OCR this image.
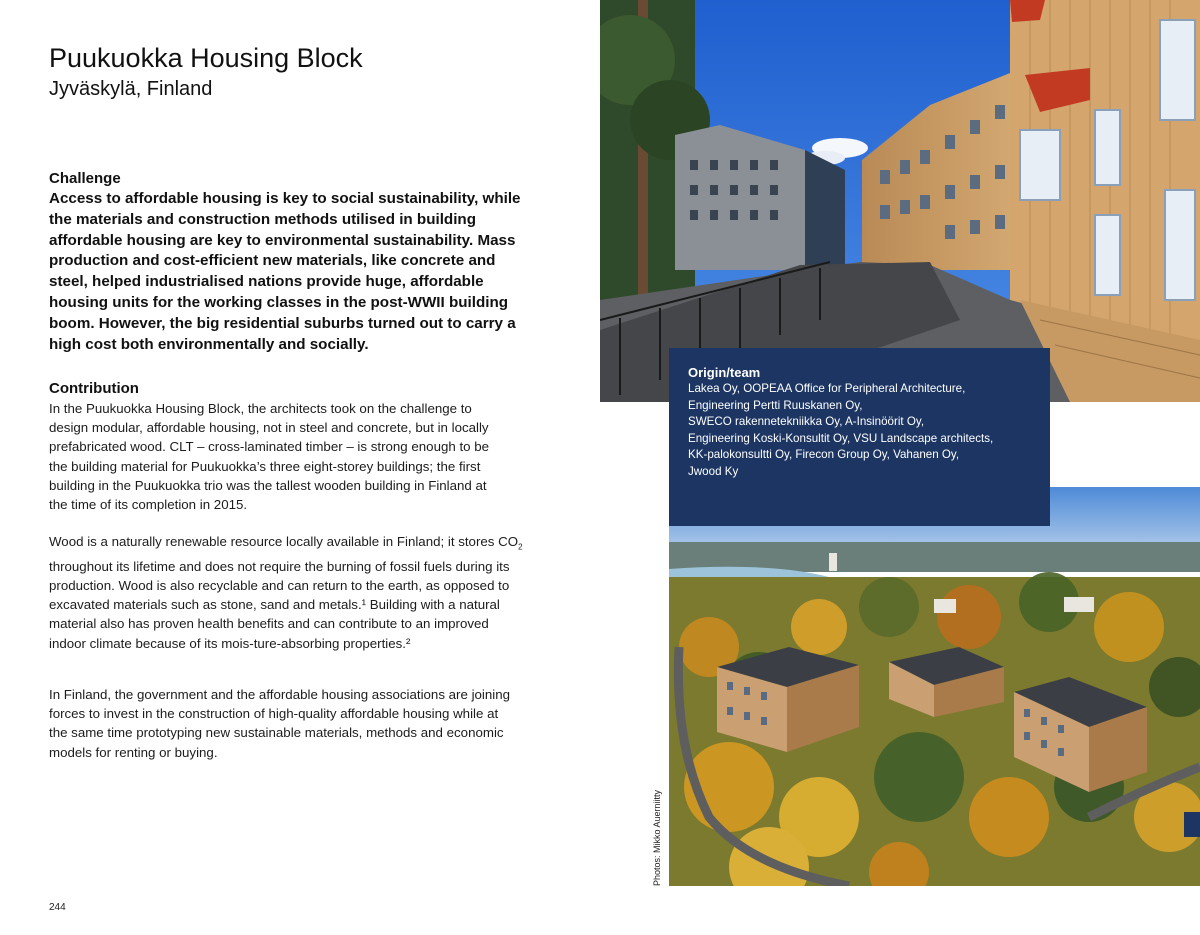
Puukuokka Housing Block
Jyväskylä, Finland
Challenge

Access to affordable housing is key to social sustainability, while the materials and construction methods utilised in building affordable housing are key to environmental sustainability. Mass production and cost-efficient new materials, like concrete and steel, helped industrialised nations provide huge, affordable housing units for the working classes in the post-WWII building boom. However, the big residential suburbs turned out to carry a high cost both environmentally and socially.

Contribution

In the Puukuokka Housing Block, the architects took on the challenge to design modular, affordable housing, not in steel and concrete, but in locally prefabricated wood. CLT – cross-laminated timber – is strong enough to be the building material for Puukuokka’s three eight-storey buildings; the first building in the Puukuokka trio was the tallest wooden building in Finland at the time of its completion in 2015.

Wood is a naturally renewable resource locally available in Finland; it stores $CO_2$ throughout its lifetime and does not require the burning of fossil fuels during its production. Wood is also recyclable and can return to the earth, as opposed to excavated materials such as stone, sand and metals.¹ Building with a natural material also has proven health benefits and can contribute to an improved indoor climate because of its mois-ture-absorbing properties.²

In Finland, the government and the affordable housing associations are joining forces to invest in the construction of high-quality affordable housing while at the same time prototyping new sustainable materials, methods and economic models for renting or buying.

244
Origin/team
Lakea Oy, OOPEAA Office for Peripheral Architecture,
Engineering Pertti Ruuskanen Oy,
SWECO rakennetekniikka Oy, A-Insinöörit Oy,
Engineering Koski-Konsultit Oy, VSU Landscape architects,
KK-palokonsultti Oy, Firecon Group Oy, Vahanen Oy,
Jwood Ky
Photos: Mikko Auerniitty
